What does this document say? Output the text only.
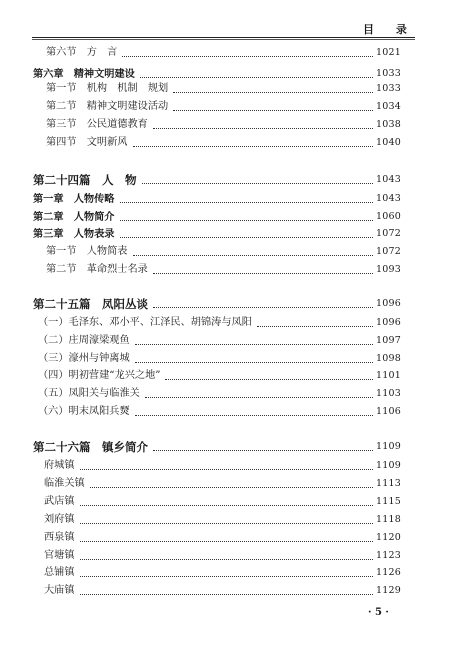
目 录
第六节　方　言	1021
第六章　精神文明建设	1033
第一节　机构　机制　规划	1033
第二节　精神文明建设活动	1034
第三节　公民道德教育	1038
第四节　文明新风	1040
第二十四篇　人　物	1043
第一章　人物传略	1043
第二章　人物简介	1060
第三章　人物表录	1072
第一节　人物简表	1072
第二节　革命烈士名录	1093
第二十五篇　凤阳丛谈	1096
（一）毛泽东、邓小平、江泽民、胡锦涛与凤阳	1096
（二）庄周濠梁观鱼	1097
（三）濠州与钟离城	1098
（四）明初营建“龙兴之地”	1101
（五）凤阳关与临淮关	1103
（六）明末凤阳兵燹	1106
第二十六篇　镇乡简介	1109
府城镇	1109
临淮关镇	1113
武店镇	1115
刘府镇	1118
西泉镇	1120
官塘镇	1123
总铺镇	1126
大庙镇	1129
· 5 ·
